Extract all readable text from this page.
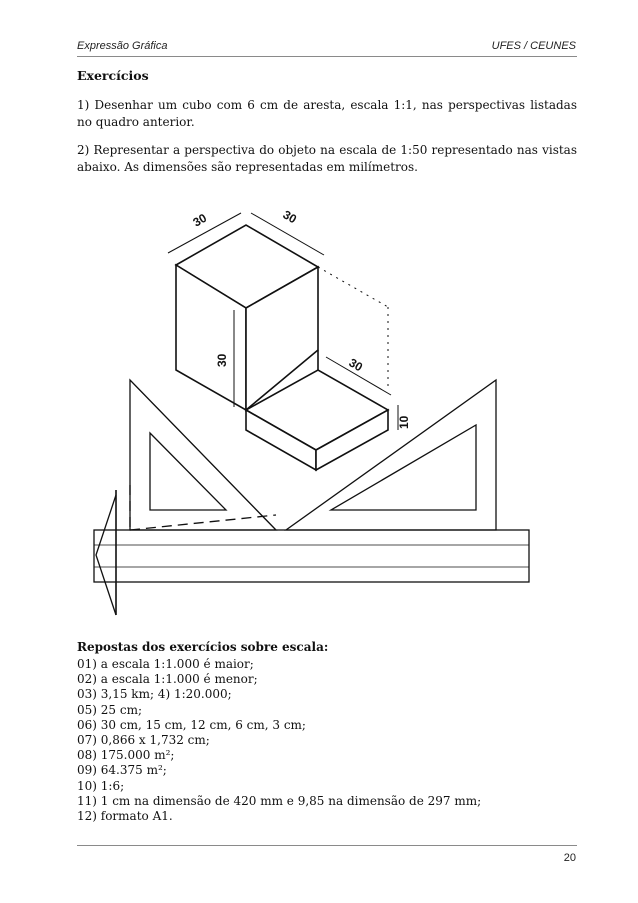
Expressão Gráfica	UFES / CEUNES
Exercícios

1) Desenhar um cubo com 6 cm de aresta, escala 1:1, nas perspectivas listadas no quadro anterior.

2) Representar a perspectiva do objeto na escala de 1:50 representado nas vistas abaixo. As dimensões são representadas em milímetros.

30	30
30	30
10
Repostas dos exercícios sobre escala:
01) a escala 1:1.000 é maior;
02) a escala 1:1.000 é menor;
03) 3,15 km; 4) 1:20.000;
05) 25 cm;
06) 30 cm, 15 cm, 12 cm, 6 cm, 3 cm;
07) 0,866 x 1,732 cm;
08) 175.000 m²;
09) 64.375 m²;
10) 1:6;
11) 1 cm na dimensão de 420 mm e 9,85 na dimensão de 297 mm;
12) formato A1.
20
